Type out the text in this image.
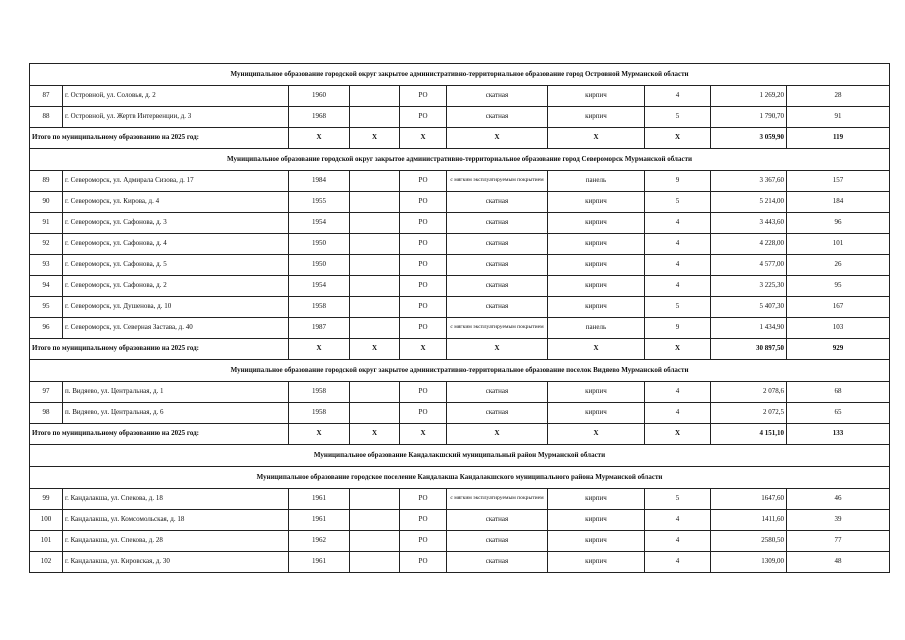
Муниципальное образование городской округ закрытое административно-территориальное образование город Островной Мурманской области									
87	г. Островной, ул. Соловья, д. 2	1960		РО	скатная	кирпич	4	1 269,20	28
88	г. Островной, ул. Жертв Интервенции, д. 3	1968		РО	скатная	кирпич	5	1 790,70	91
Итого по муниципальному образованию на 2025 год:		Х	Х	Х	Х	Х	Х	3 059,90	119
Муниципальное образование городской округ закрытое административно-территориальное образование город Североморск Мурманской области									
89	г. Североморск, ул. Адмирала Сизова, д. 17	1984		РО	с мягким эксплуатируемым покрытием	панель	9	3 367,60	157
90	г. Североморск, ул. Кирова, д. 4	1955		РО	скатная	кирпич	5	5 214,00	184
91	г. Североморск, ул. Сафонова, д. 3	1954		РО	скатная	кирпич	4	3 443,60	96
92	г. Североморск, ул. Сафонова, д. 4	1950		РО	скатная	кирпич	4	4 228,00	101
93	г. Североморск, ул. Сафонова, д. 5	1950		РО	скатная	кирпич	4	4 577,00	26
94	г. Североморск, ул. Сафонова, д. 2	1954		РО	скатная	кирпич	4	3 225,30	95
95	г. Североморск, ул. Душенова, д. 10	1958		РО	скатная	кирпич	5	5 407,30	167
96	г. Североморск, ул. Северная Застава, д. 40	1987		РО	с мягким эксплуатируемым покрытием	панель	9	1 434,90	103
Итого по муниципальному образованию на 2025 год:		Х	Х	Х	Х	Х	Х	30 897,50	929
Муниципальное образование городской округ закрытое административно-территориальное образование поселок Видяево Мурманской области									
97	п. Видяево, ул. Центральная, д. 1	1958		РО	скатная	кирпич	4	2 078,6	68
98	п. Видяево, ул. Центральная, д. 6	1958		РО	скатная	кирпич	4	2 072,5	65
Итого по муниципальному образованию на 2025 год:		Х	Х	Х	Х	Х	Х	4 151,10	133
Муниципальное образование Кандалакшский муниципальный район Мурманской области									
Муниципальное образование городское поселение Кандалакша Кандалакшского муниципального района Мурманской области									
99	г. Кандалакша, ул. Спекова, д. 18	1961		РО	с мягким эксплуатируемым покрытием	кирпич	5	1647,60	46
100	г. Кандалакша, ул. Комсомольская, д. 18	1961		РО	скатная	кирпич	4	1411,60	39
101	г. Кандалакша, ул. Спекова, д. 28	1962		РО	скатная	кирпич	4	2580,50	77
102	г. Кандалакша, ул. Кировская, д. 30	1961		РО	скатная	кирпич	4	1309,00	48
